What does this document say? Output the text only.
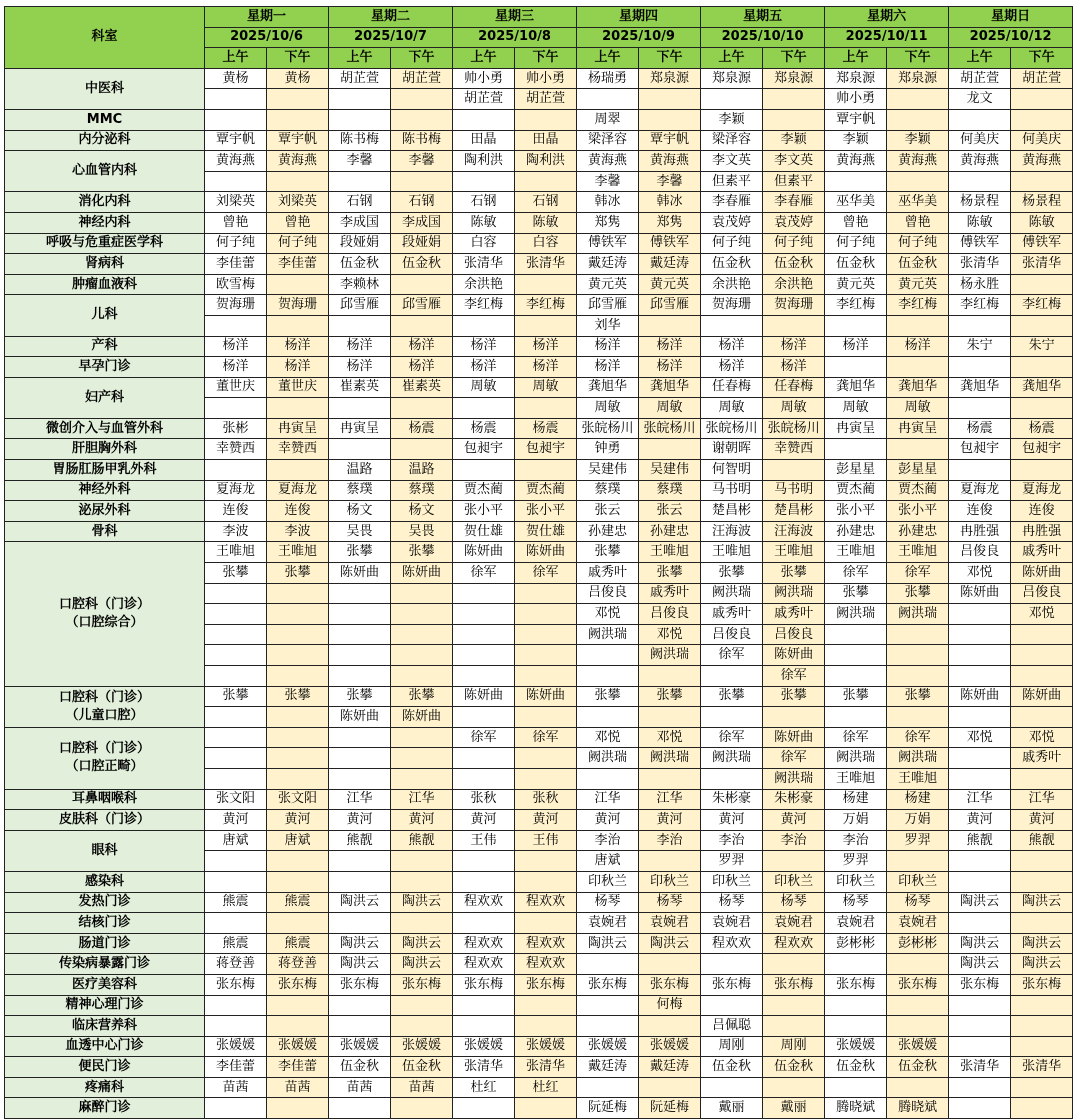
科室	星期一		星期二		星期三		星期四		星期五		星期六		星期日	
	2025/10/6		2025/10/7		2025/10/8		2025/10/9		2025/10/10		2025/10/11		2025/10/12	
	上午	下午	上午	下午	上午	下午	上午	下午	上午	下午	上午	下午	上午	下午
中医科	黄杨	黄杨	胡芷萱	胡芷萱	帅小勇	帅小勇	杨瑞勇	郑泉源	郑泉源	郑泉源	郑泉源	郑泉源	胡芷萱	胡芷萱
					胡芷萱	胡芷萱					帅小勇		龙文	
MMC							周翠		李颖		覃宇帆			
内分泌科	覃宇帆	覃宇帆	陈书梅	陈书梅	田晶	田晶	梁泽容	覃宇帆	梁泽容	李颖	李颖	李颖	何美庆	何美庆
心血管内科	黄海燕	黄海燕	李馨	李馨	陶利洪	陶利洪	黄海燕	黄海燕	李文英	李文英	黄海燕	黄海燕	黄海燕	黄海燕
							李馨	李馨	但素平	但素平				
消化内科	刘梁英	刘梁英	石钢	石钢	石钢	石钢	韩冰	韩冰	李春雁	李春雁	巫华美	巫华美	杨景程	杨景程
神经内科	曾艳	曾艳	李成国	李成国	陈敏	陈敏	郑隽	郑隽	袁茂婷	袁茂婷	曾艳	曾艳	陈敏	陈敏
呼吸与危重症医学科	何子纯	何子纯	段娅娟	段娅娟	白容	白容	傅铁军	傅铁军	何子纯	何子纯	何子纯	何子纯	傅铁军	傅铁军
肾病科	李佳蕾	李佳蕾	伍金秋	伍金秋	张清华	张清华	戴廷涛	戴廷涛	伍金秋	伍金秋	伍金秋	伍金秋	张清华	张清华
肿瘤血液科	欧雪梅		李赖林		余洪艳		黄元英	黄元英	余洪艳	余洪艳	黄元英	黄元英	杨永胜	
儿科	贺海珊	贺海珊	邱雪雁	邱雪雁	李红梅	李红梅	邱雪雁	邱雪雁	贺海珊	贺海珊	李红梅	李红梅	李红梅	李红梅
							刘华							
产科	杨洋	杨洋	杨洋	杨洋	杨洋	杨洋	杨洋	杨洋	杨洋	杨洋	杨洋	杨洋	朱宁	朱宁
早孕门诊	杨洋	杨洋	杨洋	杨洋	杨洋	杨洋	杨洋	杨洋	杨洋	杨洋				
妇产科	董世庆	董世庆	崔素英	崔素英	周敏	周敏	龚旭华	龚旭华	任春梅	任春梅	龚旭华	龚旭华	龚旭华	龚旭华
							周敏	周敏	周敏	周敏	周敏	周敏		
微创介入与血管外科	张彬	冉寅呈	冉寅呈	杨震	杨震	杨震	张皖杨川	张皖杨川	张皖杨川	张皖杨川	冉寅呈	冉寅呈	杨震	杨震
肝胆胸外科	幸赞西	幸赞西			包昶宇	包昶宇	钟勇		谢朝晖	幸赞西			包昶宇	包昶宇
胃肠肛肠甲乳外科			温路	温路			吴建伟	吴建伟	何智明		彭星星	彭星星		
神经外科	夏海龙	夏海龙	蔡璞	蔡璞	贾杰蔺	贾杰蔺	蔡璞	蔡璞	马书明	马书明	贾杰蔺	贾杰蔺	夏海龙	夏海龙
泌尿外科	连俊	连俊	杨文	杨文	张小平	张小平	张云	张云	楚昌彬	楚昌彬	张小平	张小平	连俊	连俊
骨科	李波	李波	吴畏	吴畏	贺仕雄	贺仕雄	孙建忠	孙建忠	汪海波	汪海波	孙建忠	孙建忠	冉胜强	冉胜强

口腔科（门诊）
（口腔综合）	王唯旭	王唯旭	张攀	张攀	陈妍曲	陈妍曲	张攀	王唯旭	王唯旭	王唯旭	王唯旭	王唯旭	吕俊良	戚秀叶
	张攀	张攀	陈妍曲	陈妍曲	徐军	徐军	戚秀叶	张攀	张攀	张攀	徐军	徐军	邓悦	陈妍曲
							吕俊良	戚秀叶	阙洪瑞	阙洪瑞	张攀	张攀	陈妍曲	吕俊良
							邓悦	吕俊良	戚秀叶	戚秀叶	阙洪瑞	阙洪瑞		邓悦
							阙洪瑞	邓悦	吕俊良	吕俊良				
								阙洪瑞	徐军	陈妍曲				
										徐军				

口腔科（门诊）
（儿童口腔）	张攀	张攀	张攀	张攀	陈妍曲	陈妍曲	张攀	张攀	张攀	张攀	张攀	张攀	陈妍曲	陈妍曲
			陈妍曲	陈妍曲										

口腔科（门诊）
（口腔正畸）					徐军	徐军	邓悦	邓悦	徐军	陈妍曲	徐军	徐军	邓悦	邓悦
							阙洪瑞	阙洪瑞	阙洪瑞	徐军	阙洪瑞	阙洪瑞		戚秀叶
										阙洪瑞	王唯旭	王唯旭		
耳鼻咽喉科	张文阳	张文阳	江华	江华	张秋	张秋	江华	江华	朱彬豪	朱彬豪	杨建	杨建	江华	江华
皮肤科（门诊）	黄河	黄河	黄河	黄河	黄河	黄河	黄河	黄河	黄河	黄河	万娟	万娟	黄河	黄河
眼科	唐斌	唐斌	熊靓	熊靓	王伟	王伟	李治	李治	李治	李治	李治	罗羿	熊靓	熊靓
							唐斌		罗羿		罗羿			
感染科							印秋兰	印秋兰	印秋兰	印秋兰	印秋兰	印秋兰		
发热门诊	熊震	熊震	陶洪云	陶洪云	程欢欢	程欢欢	杨琴	杨琴	杨琴	杨琴	杨琴	杨琴	陶洪云	陶洪云
结核门诊							袁婉君	袁婉君	袁婉君	袁婉君	袁婉君	袁婉君		
肠道门诊	熊震	熊震	陶洪云	陶洪云	程欢欢	程欢欢	陶洪云	陶洪云	程欢欢	程欢欢	彭彬彬	彭彬彬	陶洪云	陶洪云
传染病暴露门诊	蒋登善	蒋登善	陶洪云	陶洪云	程欢欢	程欢欢							陶洪云	陶洪云
医疗美容科	张东梅	张东梅	张东梅	张东梅	张东梅	张东梅	张东梅	张东梅	张东梅	张东梅	张东梅	张东梅	张东梅	张东梅
精神心理门诊								何梅						
临床营养科									吕佩聪					
血透中心门诊	张媛媛	张媛媛	张媛媛	张媛媛	张媛媛	张媛媛	张媛媛	张媛媛	周刚	周刚	张媛媛	张媛媛		
便民门诊	李佳蕾	李佳蕾	伍金秋	伍金秋	张清华	张清华	戴廷涛	戴廷涛	伍金秋	伍金秋	伍金秋	伍金秋	张清华	张清华
疼痛科	苗茜	苗茜	苗茜	苗茜	杜红	杜红								
麻醉门诊							阮延梅	阮延梅	戴丽	戴丽	腾晓斌	腾晓斌		
